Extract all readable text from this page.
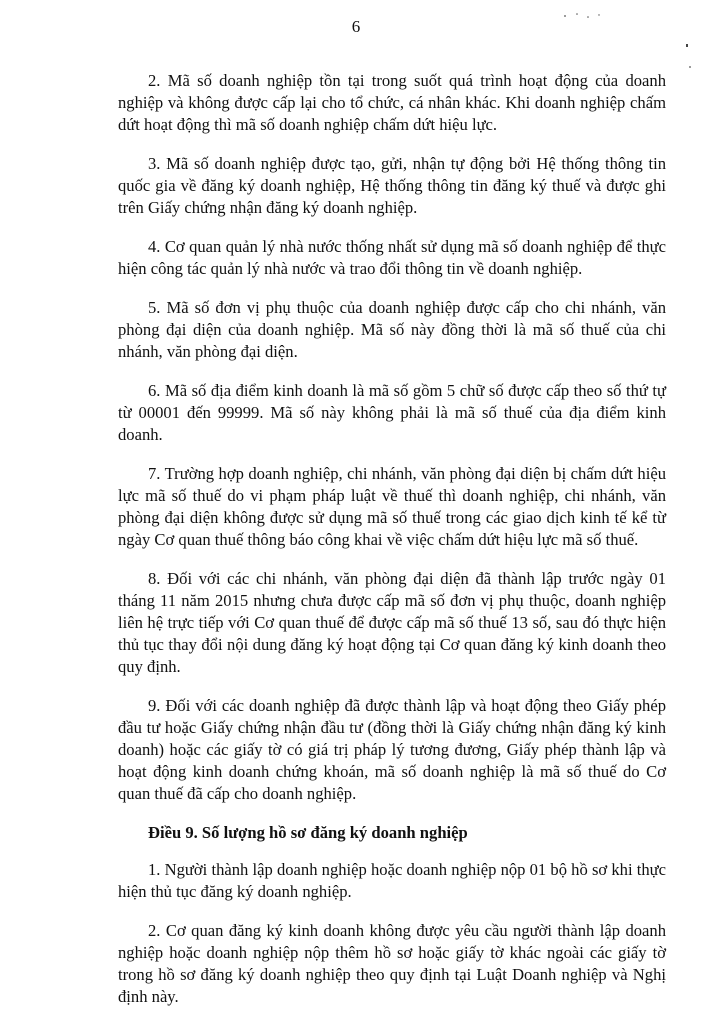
6

2. Mã số doanh nghiệp tồn tại trong suốt quá trình hoạt động của doanh nghiệp và không được cấp lại cho tổ chức, cá nhân khác. Khi doanh nghiệp chấm dứt hoạt động thì mã số doanh nghiệp chấm dứt hiệu lực.

3. Mã số doanh nghiệp được tạo, gửi, nhận tự động bởi Hệ thống thông tin quốc gia về đăng ký doanh nghiệp, Hệ thống thông tin đăng ký thuế và được ghi trên Giấy chứng nhận đăng ký doanh nghiệp.

4. Cơ quan quản lý nhà nước thống nhất sử dụng mã số doanh nghiệp để thực hiện công tác quản lý nhà nước và trao đổi thông tin về doanh nghiệp.

5. Mã số đơn vị phụ thuộc của doanh nghiệp được cấp cho chi nhánh, văn phòng đại diện của doanh nghiệp. Mã số này đồng thời là mã số thuế của chi nhánh, văn phòng đại diện.

6. Mã số địa điểm kinh doanh là mã số gồm 5 chữ số được cấp theo số thứ tự từ 00001 đến 99999. Mã số này không phải là mã số thuế của địa điểm kinh doanh.

7. Trường hợp doanh nghiệp, chi nhánh, văn phòng đại diện bị chấm dứt hiệu lực mã số thuế do vi phạm pháp luật về thuế thì doanh nghiệp, chi nhánh, văn phòng đại diện không được sử dụng mã số thuế trong các giao dịch kinh tế kể từ ngày Cơ quan thuế thông báo công khai về việc chấm dứt hiệu lực mã số thuế.

8. Đối với các chi nhánh, văn phòng đại diện đã thành lập trước ngày 01 tháng 11 năm 2015 nhưng chưa được cấp mã số đơn vị phụ thuộc, doanh nghiệp liên hệ trực tiếp với Cơ quan thuế để được cấp mã số thuế 13 số, sau đó thực hiện thủ tục thay đổi nội dung đăng ký hoạt động tại Cơ quan đăng ký kinh doanh theo quy định.

9. Đối với các doanh nghiệp đã được thành lập và hoạt động theo Giấy phép đầu tư hoặc Giấy chứng nhận đầu tư (đồng thời là Giấy chứng nhận đăng ký kinh doanh) hoặc các giấy tờ có giá trị pháp lý tương đương, Giấy phép thành lập và hoạt động kinh doanh chứng khoán, mã số doanh nghiệp là mã số thuế do Cơ quan thuế đã cấp cho doanh nghiệp.

Điều 9. Số lượng hồ sơ đăng ký doanh nghiệp

1. Người thành lập doanh nghiệp hoặc doanh nghiệp nộp 01 bộ hồ sơ khi thực hiện thủ tục đăng ký doanh nghiệp.

2. Cơ quan đăng ký kinh doanh không được yêu cầu người thành lập doanh nghiệp hoặc doanh nghiệp nộp thêm hồ sơ hoặc giấy tờ khác ngoài các giấy tờ trong hồ sơ đăng ký doanh nghiệp theo quy định tại Luật Doanh nghiệp và Nghị định này.
